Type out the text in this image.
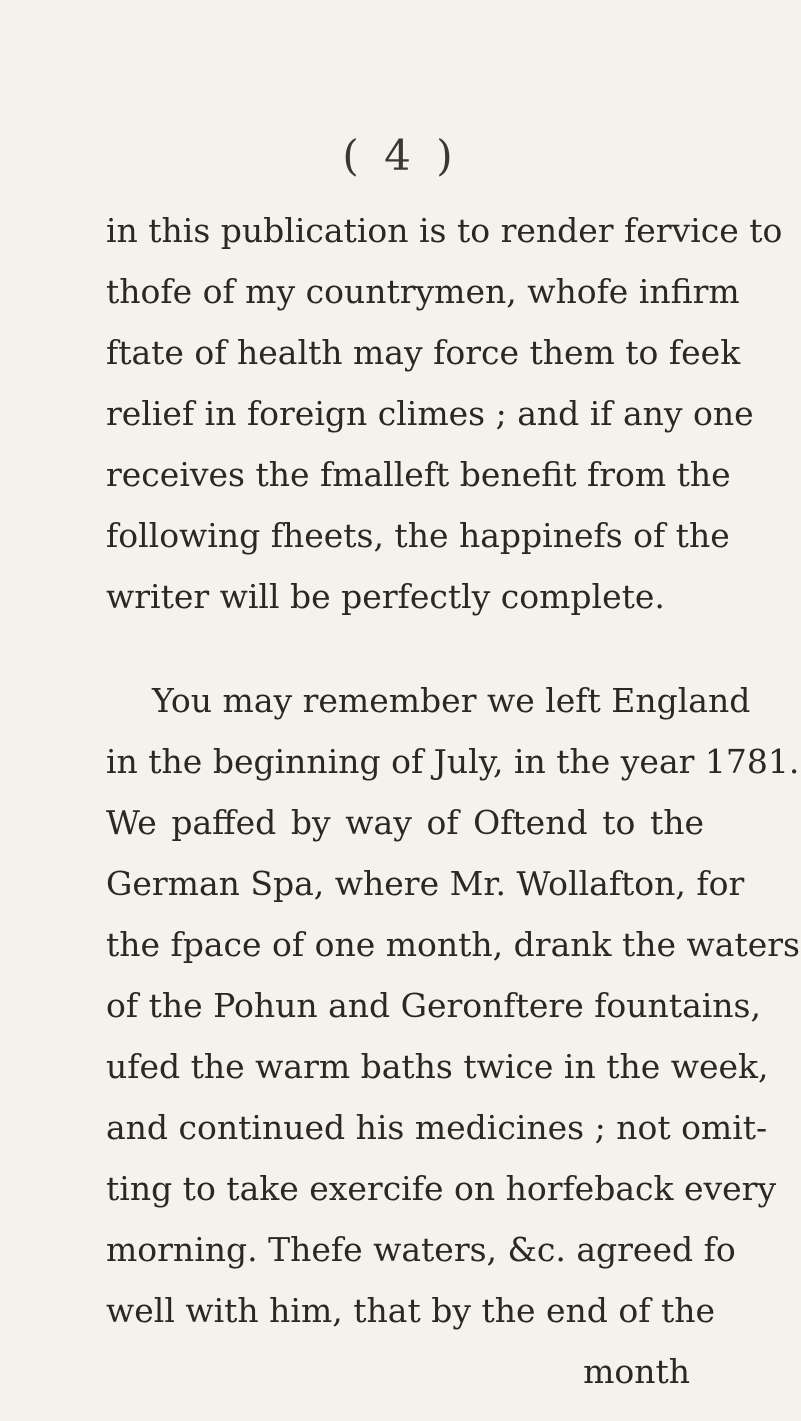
( 4 )
in this publication is to render fervice to
thofe of my countrymen, whofe infirm
ftate of health may force them to feek
relief in foreign climes ; and if any one
receives the fmalleft benefit from the
following fheets, the happinefs of the
writer will be perfectly complete.
You may remember we left England
in the beginning of July, in the year 1781.
We paffed by way of Oftend to the
German Spa, where Mr. Wollafton, for
the fpace of one month, drank the waters
of the Pohun and Geronftere fountains,
ufed the warm baths twice in the week,
and continued his medicines ; not omit-
ting to take exercife on horfeback every
morning. Thefe waters, &c. agreed fo
well with him, that by the end of the
month
